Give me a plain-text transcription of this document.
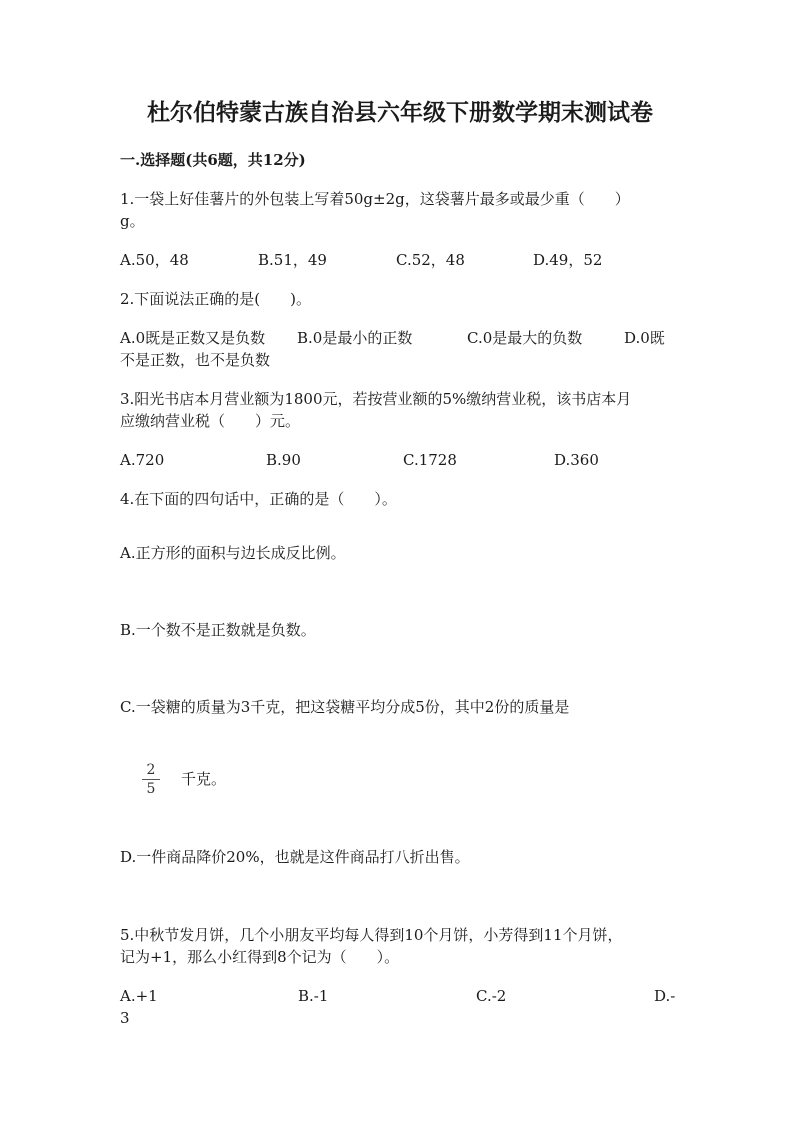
杜尔伯特蒙古族自治县六年级下册数学期末测试卷
一.选择题(共6题，共12分)
1.一袋上好佳薯片的外包装上写着50g±2g，这袋薯片最多或最少重（　　）
g。
A.50，48	B.51，49	C.52，48	D.49，52
2.下面说法正确的是(　　)。
A.0既是正数又是负数 B.0是最小的正数	C.0是最大的负数	D.0既
不是正数，也不是负数
3.阳光书店本月营业额为1800元，若按营业额的5%缴纳营业税，该书店本月
应缴纳营业税（　　）元。
A.720	B.90	C.1728	D.360
4.在下面的四句话中，正确的是（　　）。
A.正方形的面积与边长成反比例。
B.一个数不是正数就是负数。
C.一袋糖的质量为3千克，把这袋糖平均分成5份，其中2份的质量是
2
5
千克。
D.一件商品降价20%，也就是这件商品打八折出售。
5.中秋节发月饼，几个小朋友平均每人得到10个月饼，小芳得到11个月饼，
记为+1，那么小红得到8个记为（　　）。
A.+1	B.-1	C.-2	D.-
3
